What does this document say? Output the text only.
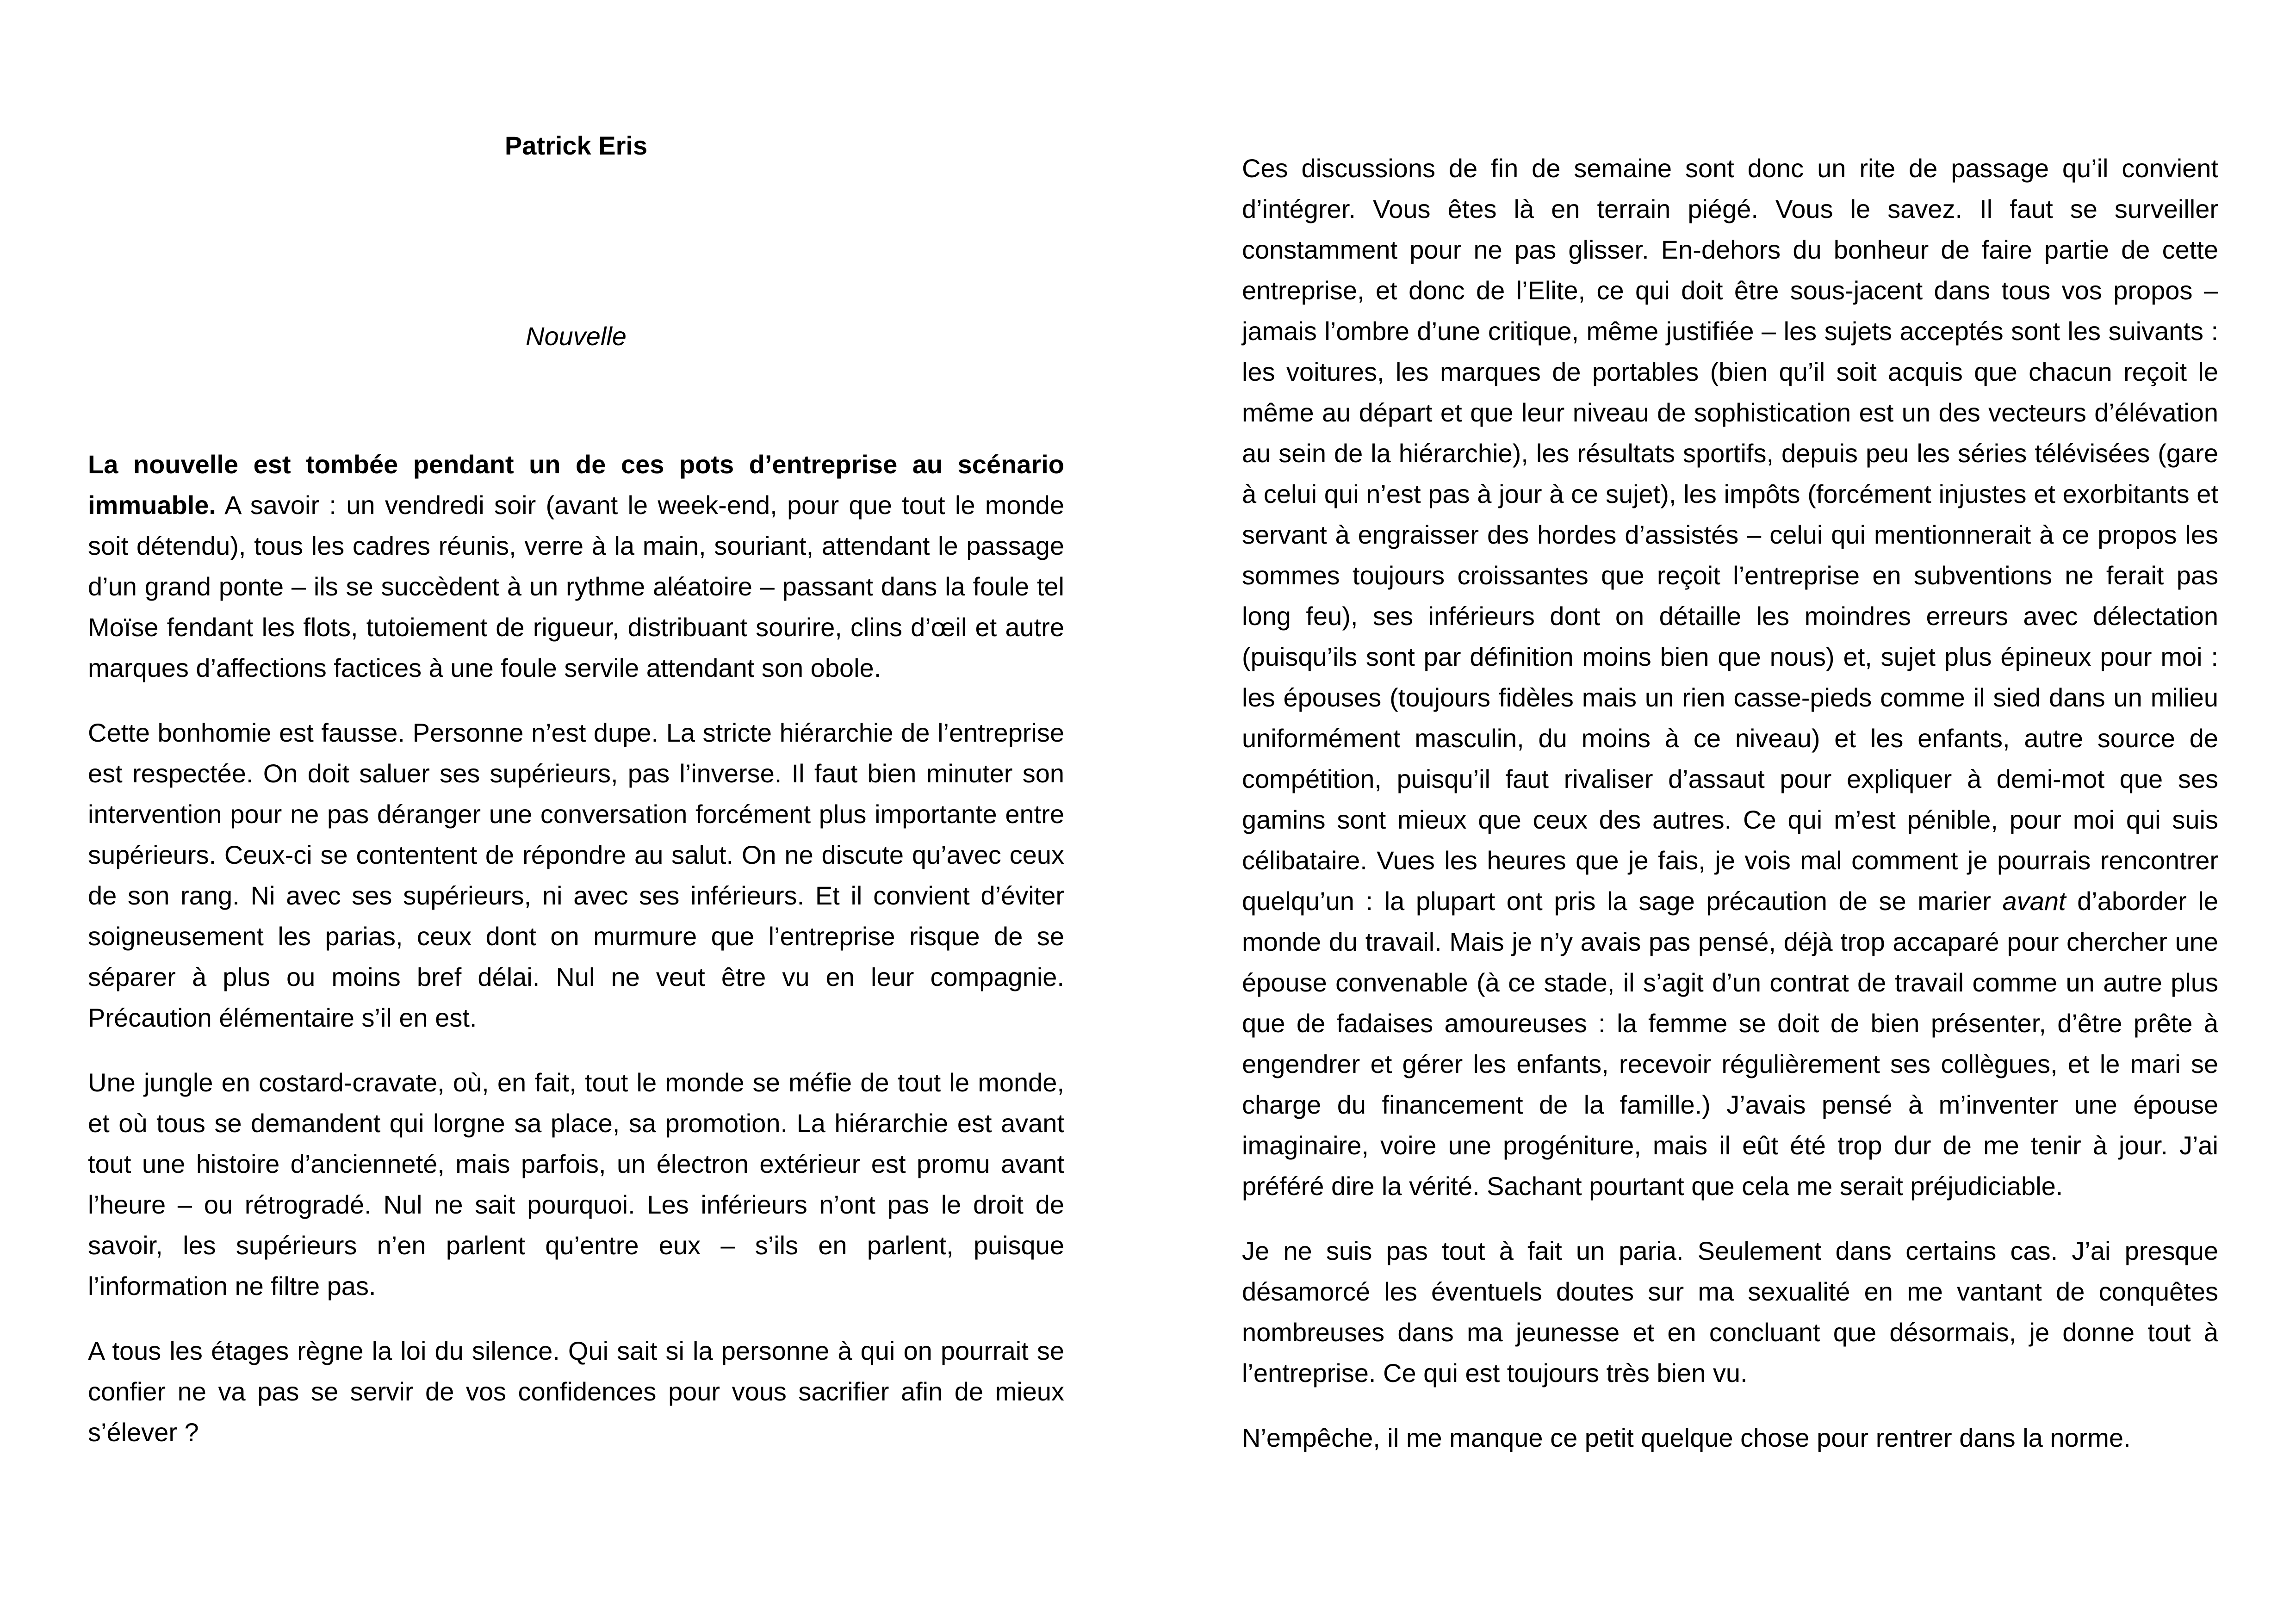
Patrick Eris
Nouvelle

La nouvelle est tombée pendant un de ces pots d’entreprise au scénario immuable. A savoir : un vendredi soir (avant le week-end, pour que tout le monde soit détendu), tous les cadres réunis, verre à la main, souriant, attendant le passage d’un grand ponte – ils se succèdent à un rythme aléatoire – passant dans la foule tel Moïse fendant les flots, tutoiement de rigueur, distribuant sourire, clins d’œil et autre marques d’affections factices à une foule servile attendant son obole.

Cette bonhomie est fausse. Personne n’est dupe. La stricte hiérarchie de l’entreprise est respectée. On doit saluer ses supérieurs, pas l’inverse. Il faut bien minuter son intervention pour ne pas déranger une conversation forcément plus importante entre supérieurs. Ceux-ci se contentent de répondre au salut. On ne discute qu’avec ceux de son rang. Ni avec ses supérieurs, ni avec ses inférieurs. Et il convient d’éviter soigneusement les parias, ceux dont on murmure que l’entreprise risque de se séparer à plus ou moins bref délai. Nul ne veut être vu en leur compagnie. Précaution élémentaire s’il en est.

Une jungle en costard-cravate, où, en fait, tout le monde se méfie de tout le monde, et où tous se demandent qui lorgne sa place, sa promotion. La hiérarchie est avant tout une histoire d’ancienneté, mais parfois, un électron extérieur est promu avant l’heure – ou rétrogradé. Nul ne sait pourquoi. Les inférieurs n’ont pas le droit de savoir, les supérieurs n’en parlent qu’entre eux – s’ils en parlent, puisque l’information ne filtre pas.

A tous les étages règne la loi du silence. Qui sait si la personne à qui on pourrait se confier ne va pas se servir de vos confidences pour vous sacrifier afin de mieux s’élever ?

Ces discussions de fin de semaine sont donc un rite de passage qu’il convient d’intégrer. Vous êtes là en terrain piégé. Vous le savez. Il faut se surveiller constamment pour ne pas glisser. En-dehors du bonheur de faire partie de cette entreprise, et donc de l’Elite, ce qui doit être sous-jacent dans tous vos propos – jamais l’ombre d’une critique, même justifiée – les sujets acceptés sont les suivants : les voitures, les marques de portables (bien qu’il soit acquis que chacun reçoit le même au départ et que leur niveau de sophistication est un des vecteurs d’élévation au sein de la hiérarchie), les résultats sportifs, depuis peu les séries télévisées (gare à celui qui n’est pas à jour à ce sujet), les impôts (forcément injustes et exorbitants et servant à engraisser des hordes d’assistés – celui qui mentionnerait à ce propos les sommes toujours croissantes que reçoit l’entreprise en subventions ne ferait pas long feu), ses inférieurs dont on détaille les moindres erreurs avec délectation (puisqu’ils sont par définition moins bien que nous) et, sujet plus épineux pour moi : les épouses (toujours fidèles mais un rien casse-pieds comme il sied dans un milieu uniformément masculin, du moins à ce niveau) et les enfants, autre source de compétition, puisqu’il faut rivaliser d’assaut pour expliquer à demi-mot que ses gamins sont mieux que ceux des autres. Ce qui m’est pénible, pour moi qui suis célibataire. Vues les heures que je fais, je vois mal comment je pourrais rencontrer quelqu’un : la plupart ont pris la sage précaution de se marier avant d’aborder le monde du travail. Mais je n’y avais pas pensé, déjà trop accaparé pour chercher une épouse convenable (à ce stade, il s’agit d’un contrat de travail comme un autre plus que de fadaises amoureuses : la femme se doit de bien présenter, d’être prête à engendrer et gérer les enfants, recevoir régulièrement ses collègues, et le mari se charge du financement de la famille.) J’avais pensé à m’inventer une épouse imaginaire, voire une progéniture, mais il eût été trop dur de me tenir à jour. J’ai préféré dire la vérité. Sachant pourtant que cela me serait préjudiciable.

Je ne suis pas tout à fait un paria. Seulement dans certains cas. J’ai presque désamorcé les éventuels doutes sur ma sexualité en me vantant de conquêtes nombreuses dans ma jeunesse et en concluant que désormais, je donne tout à l’entreprise. Ce qui est toujours très bien vu.

N’empêche, il me manque ce petit quelque chose pour rentrer dans la norme.
